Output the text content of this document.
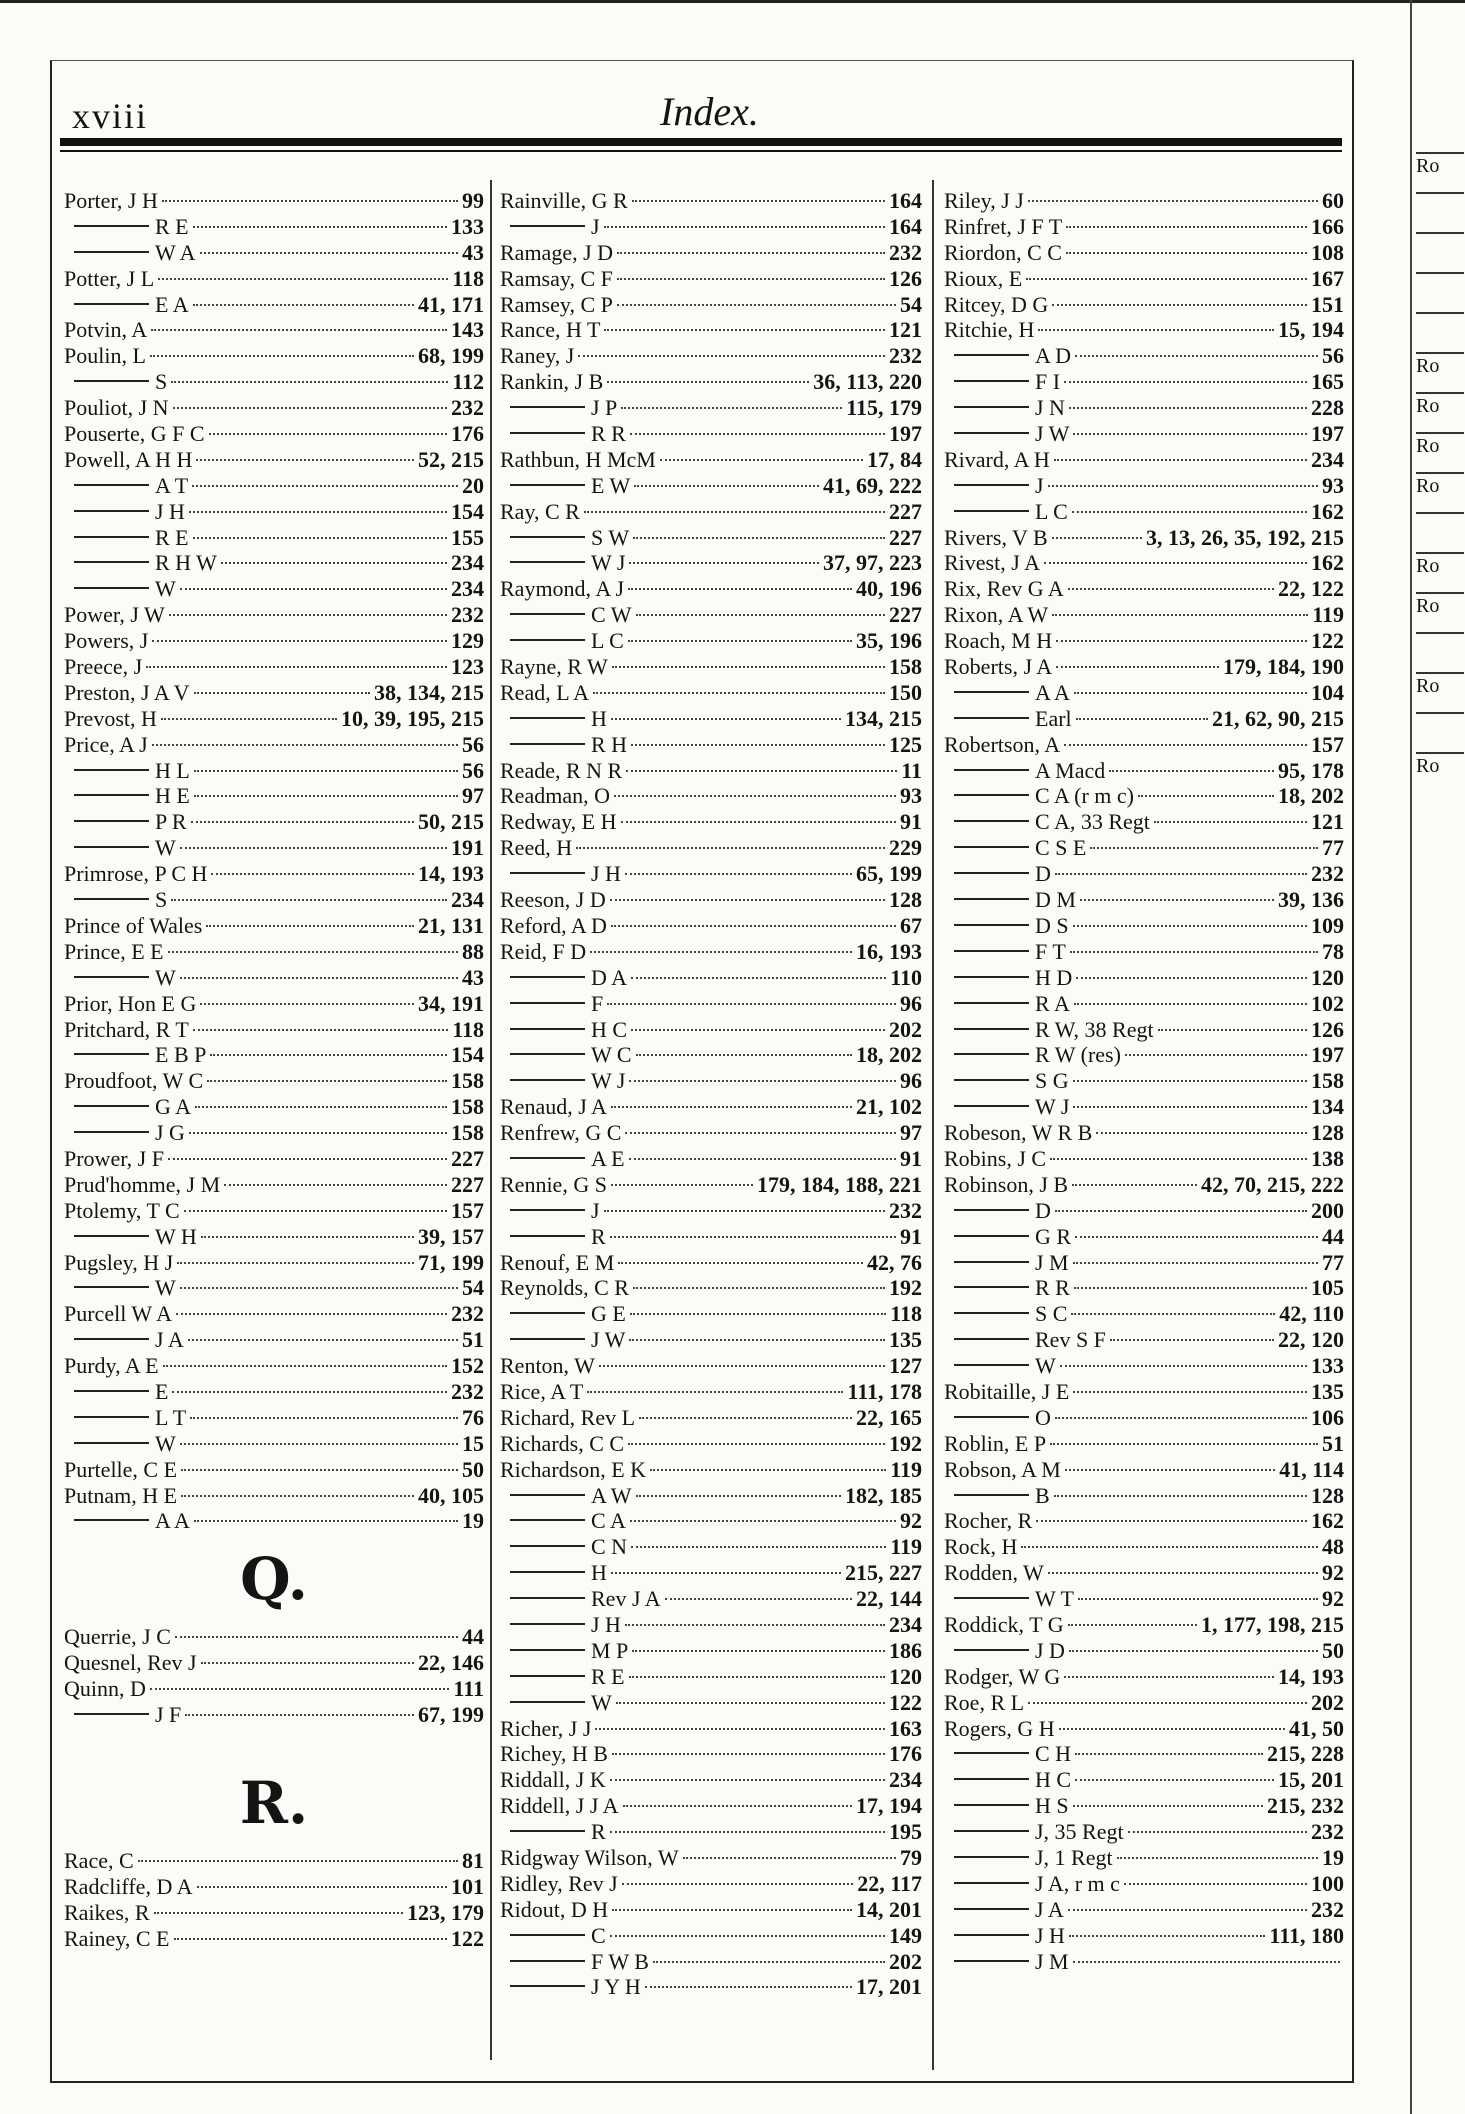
xviii	Index.
Porter, J H	99
R E	133
W A	43
Potter, J L	118
E A	41, 171
Potvin, A	143
Poulin, L	68, 199
S	112
Pouliot, J N	232
Pouserte, G F C	176
Powell, A H H	52, 215
A T	20
J H	154
R E	155
R H W	234
W	234
Power, J W	232
Powers, J	129
Preece, J	123
Preston, J A V	38, 134, 215
Prevost, H	10, 39, 195, 215
Price, A J	56
H L	56
H E	97
P R	50, 215
W	191
Primrose, P C H	14, 193
S	234
Prince of Wales	21, 131
Prince, E E	88
W	43
Prior, Hon E G	34, 191
Pritchard, R T	118
E B P	154
Proudfoot, W C	158
G A	158
J G	158
Prower, J F	227
Prud'homme, J M	227
Ptolemy, T C	157
W H	39, 157
Pugsley, H J	71, 199
W	54
Purcell W A	232
J A	51
Purdy, A E	152
E	232
L T	76
W	15
Purtelle, C E	50
Putnam, H E	40, 105
A A	19
Q.
Querrie, J C	44
Quesnel, Rev J	22, 146
Quinn, D	111
J F	67, 199
R.
Race, C	81
Radcliffe, D A	101
Raikes, R	123, 179
Rainey, C E	122
Rainville, G R	164
J	164
Ramage, J D	232
Ramsay, C F	126
Ramsey, C P	54
Rance, H T	121
Raney, J	232
Rankin, J B	36, 113, 220
J P	115, 179
R R	197
Rathbun, H McM	17, 84
E W	41, 69, 222
Ray, C R	227
S W	227
W J	37, 97, 223
Raymond, A J	40, 196
C W	227
L C	35, 196
Rayne, R W	158
Read, L A	150
H	134, 215
R H	125
Reade, R N R	11
Readman, O	93
Redway, E H	91
Reed, H	229
J H	65, 199
Reeson, J D	128
Reford, A D	67
Reid, F D	16, 193
D A	110
F	96
H C	202
W C	18, 202
W J	96
Renaud, J A	21, 102
Renfrew, G C	97
A E	91
Rennie, G S	179, 184, 188, 221
J	232
R	91
Renouf, E M	42, 76
Reynolds, C R	192
G E	118
J W	135
Renton, W	127
Rice, A T	111, 178
Richard, Rev L	22, 165
Richards, C C	192
Richardson, E K	119
A W	182, 185
C A	92
C N	119
H	215, 227
Rev J A	22, 144
J H	234
M P	186
R E	120
W	122
Richer, J J	163
Richey, H B	176
Riddall, J K	234
Riddell, J J A	17, 194
R	195
Ridgway Wilson, W	79
Ridley, Rev J	22, 117
Ridout, D H	14, 201
C	149
F W B	202
J Y H	17, 201
Riley, J J	60
Rinfret, J F T	166
Riordon, C C	108
Rioux, E	167
Ritcey, D G	151
Ritchie, H	15, 194
A D	56
F I	165
J N	228
J W	197
Rivard, A H	234
J	93
L C	162
Rivers, V B	3, 13, 26, 35, 192, 215
Rivest, J A	162
Rix, Rev G A	22, 122
Rixon, A W	119
Roach, M H	122
Roberts, J A	179, 184, 190
A A	104
Earl	21, 62, 90, 215
Robertson, A	157
A Macd	95, 178
C A (r m c)	18, 202
C A, 33 Regt	121
C S E	77
D	232
D M	39, 136
D S	109
F T	78
H D	120
R A	102
R W, 38 Regt	126
R W (res)	197
S G	158
W J	134
Robeson, W R B	128
Robins, J C	138
Robinson, J B	42, 70, 215, 222
D	200
G R	44
J M	77
R R	105
S C	42, 110
Rev S F	22, 120
W	133
Robitaille, J E	135
O	106
Roblin, E P	51
Robson, A M	41, 114
B	128
Rocher, R	162
Rock, H	48
Rodden, W	92
W T	92
Roddick, T G	1, 177, 198, 215
J D	50
Rodger, W G	14, 193
Roe, R L	202
Rogers, G H	41, 50
C H	215, 228
H C	15, 201
H S	215, 232
J, 35 Regt	232
J, 1 Regt	19
J A, r m c	100
J A	232
J H	111, 180
J M
Ro
Ro
Ro
Ro
Ro
Ro
Ro
Ro
Ro
